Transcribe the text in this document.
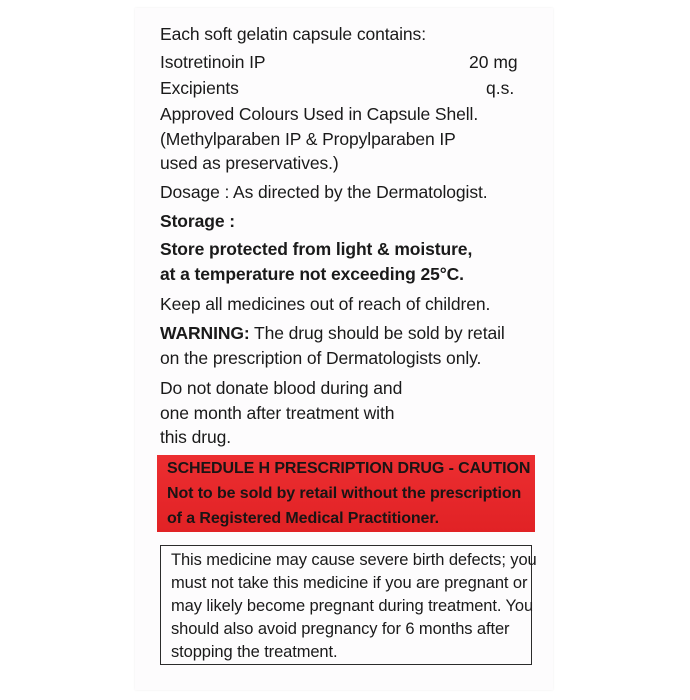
Each soft gelatin capsule contains:
Isotretinoin IP	20 mg
Excipients	q.s.
Approved Colours Used in Capsule Shell.
(Methylparaben IP & Propylparaben IP
used as preservatives.)
Dosage : As directed by the Dermatologist.
Storage :
Store protected from light & moisture,
at a temperature not exceeding 25°C.
Keep all medicines out of reach of children.
WARNING: The drug should be sold by retail
on the prescription of Dermatologists only.
Do not donate blood during and
one month after treatment with
this drug.
SCHEDULE H PRESCRIPTION DRUG - CAUTION
Not to be sold by retail without the prescription
of a Registered Medical Practitioner.
This medicine may cause severe birth defects; you
must not take this medicine if you are pregnant or
may likely become pregnant during treatment. You
should also avoid pregnancy for 6 months after
stopping the treatment.
